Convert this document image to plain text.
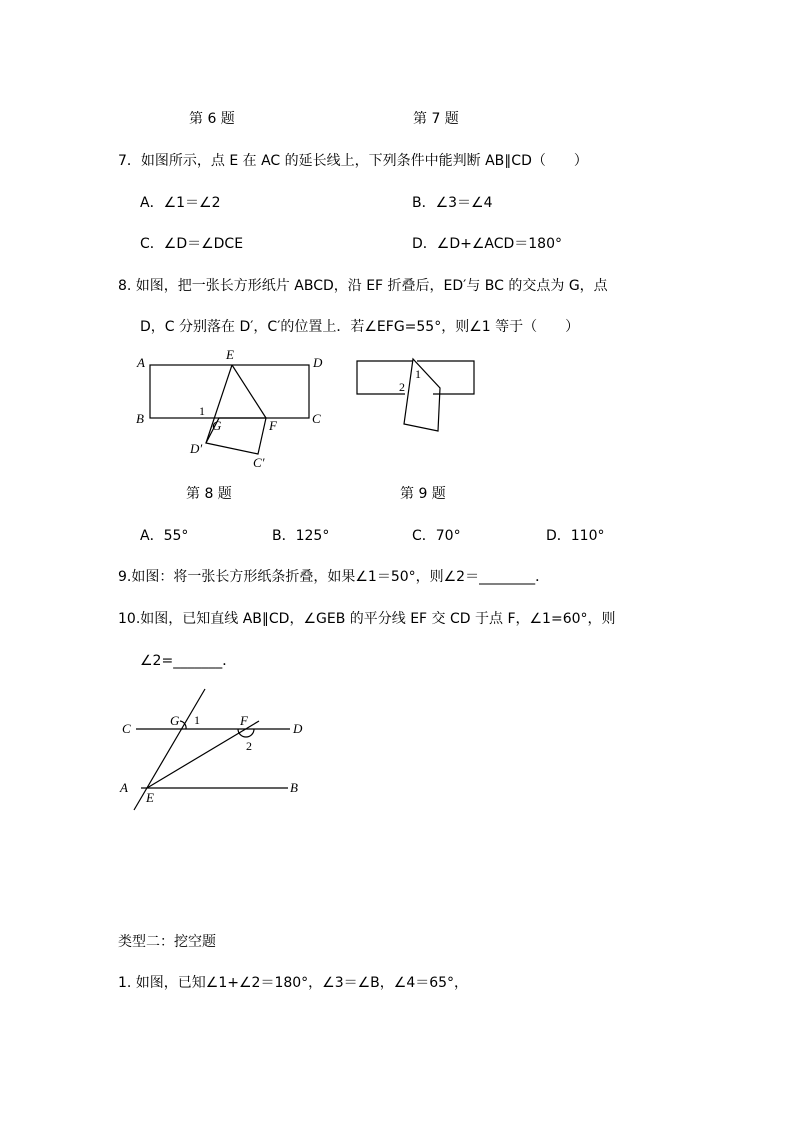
第 6 题	第 7 题
7．如图所示，点 E 在 AC 的延长线上，下列条件中能判断 AB∥CD（　　）
A．∠1＝∠2	B．∠3＝∠4
C．∠D＝∠DCE	D．∠D+∠ACD＝180°
8. 如图，把一张长方形纸片 ABCD，沿 EF 折叠后，ED′与 BC 的交点为 G，点
D，C 分别落在 D′，C′的位置上．若∠EFG=55°，则∠1 等于（　　）
A
E
D
B	1
G	F	C
D′
C′
1
2
第 8 题	第 9 题
A．55°	B．125°	C．70°	D．110°
9.如图：将一张长方形纸条折叠，如果∠1＝50°，则∠2＝________．
10.如图，已知直线 AB∥CD，∠GEB 的平分线 EF 交 CD 于点 F，∠1=60°，则
∠2=_______．
C
G 1	F
D
2
A
E
B
类型二：挖空题
1. 如图，已知∠1+∠2＝180°，∠3＝∠B，∠4＝65°，
